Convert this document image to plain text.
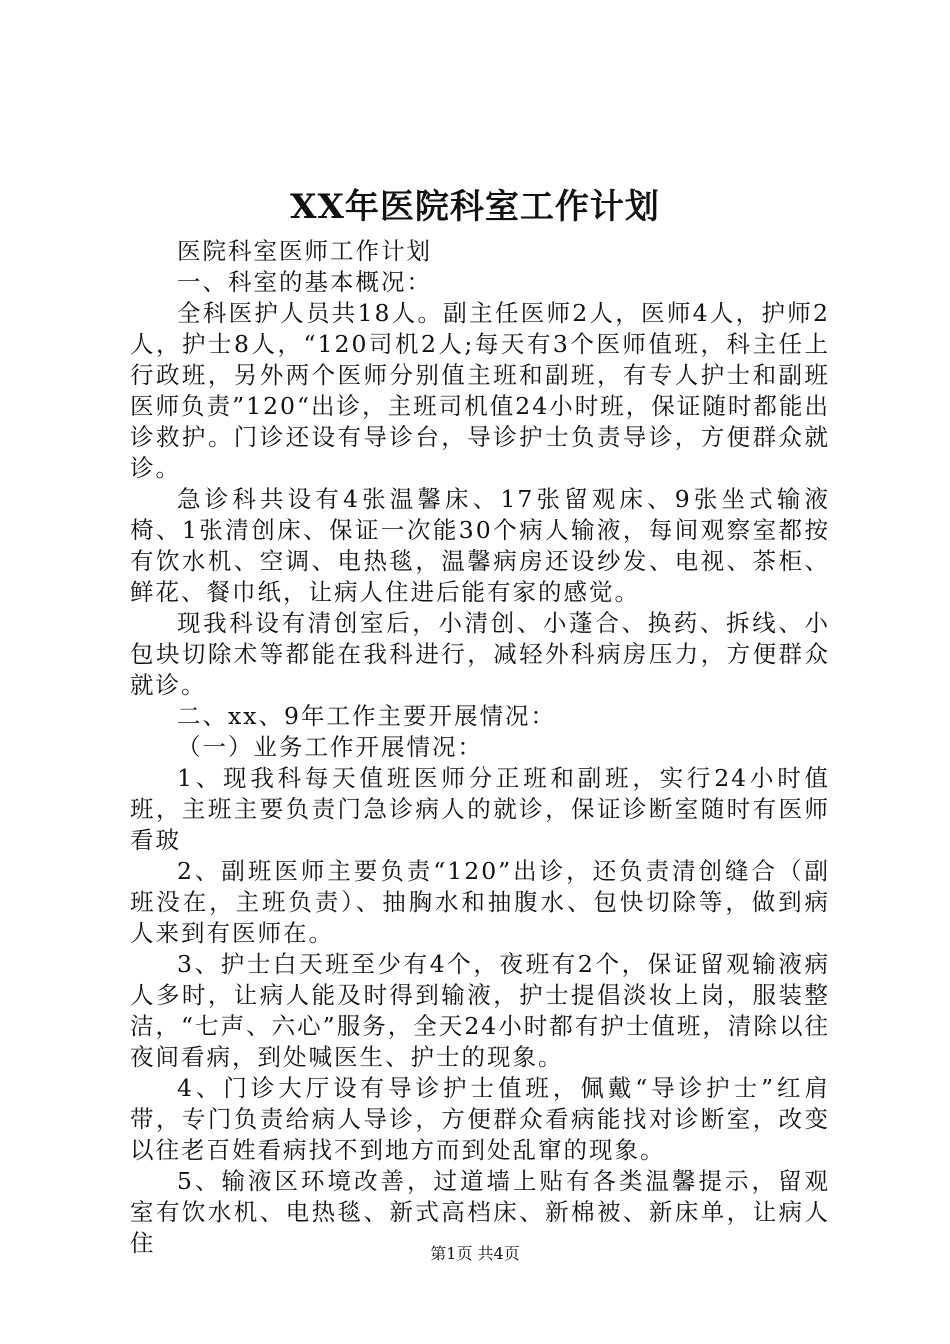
XX年医院科室工作计划

医院科室医师工作计划

一、科室的基本概况：

全科医护人员共18人。副主任医师2人，医师4人，护师2人，护士8人，“120司机2人;每天有3个医师值班，科主任上行政班，另外两个医师分别值主班和副班，有专人护士和副班医师负责”120“出诊，主班司机值24小时班，保证随时都能出诊救护。门诊还设有导诊台，导诊护士负责导诊，方便群众就诊。

急诊科共设有4张温馨床、17张留观床、9张坐式输液椅、1张清创床、保证一次能30个病人输液，每间观察室都按有饮水机、空调、电热毯，温馨病房还设纱发、电视、茶柜、鲜花、餐巾纸，让病人住进后能有家的感觉。

现我科设有清创室后，小清创、小蓬合、换药、拆线、小包块切除术等都能在我科进行，减轻外科病房压力，方便群众就诊。

二、xx、9年工作主要开展情况：

（一）业务工作开展情况：

1、现我科每天值班医师分正班和副班，实行24小时值班，主班主要负责门急诊病人的就诊，保证诊断室随时有医师看玻

2、副班医师主要负责“120”出诊，还负责清创缝合（副班没在，主班负责）、抽胸水和抽腹水、包快切除等，做到病人来到有医师在。

3、护士白天班至少有4个，夜班有2个，保证留观输液病人多时，让病人能及时得到输液，护士提倡淡妆上岗，服装整洁，“七声、六心”服务，全天24小时都有护士值班，清除以往夜间看病，到处喊医生、护士的现象。

4、门诊大厅设有导诊护士值班，佩戴“导诊护士”红肩带，专门负责给病人导诊，方便群众看病能找对诊断室，改变以往老百姓看病找不到地方而到处乱窜的现象。

5、输液区环境改善，过道墙上贴有各类温馨提示，留观室有饮水机、电热毯、新式高档床、新棉被、新床单，让病人住	第1页 共4页
